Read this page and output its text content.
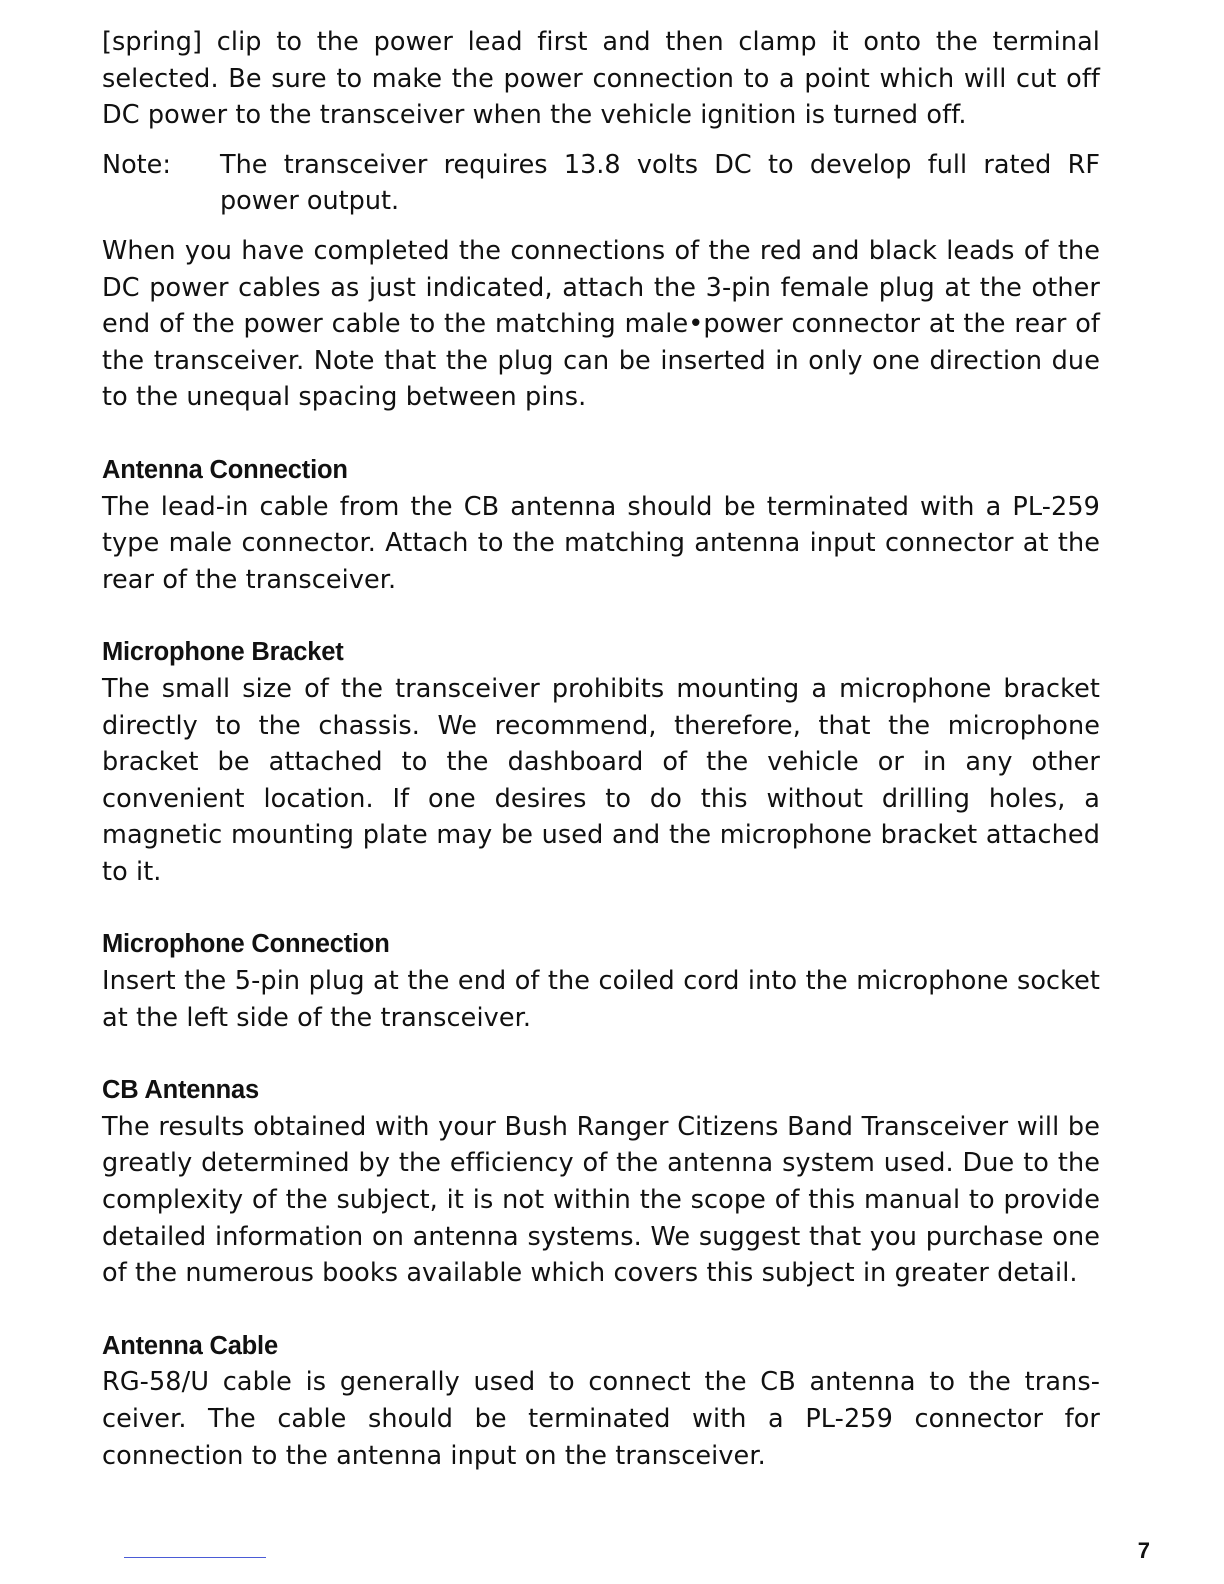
[spring] clip to the power lead first and then clamp it onto the terminal selected. Be sure to make the power connection to a point which will cut off DC power to the transceiver when the vehicle ignition is turned off.

Note:	The transceiver requires 13.8 volts DC to develop full rated RF power output.

When you have completed the connections of the red and black leads of the DC power cables as just indicated, attach the 3-pin female plug at the other end of the power cable to the matching male•power connector at the rear of the transceiver. Note that the plug can be inserted in only one direction due to the unequal spacing between pins.

Antenna Connection

The lead-in cable from the CB antenna should be terminated with a PL-259 type male connector. Attach to the matching antenna input connector at the rear of the transceiver.

Microphone Bracket

The small size of the transceiver prohibits mounting a microphone bracket directly to the chassis. We recommend, therefore, that the microphone bracket be attached to the dashboard of the vehicle or in any other convenient location. If one desires to do this without drilling holes, a magnetic mounting plate may be used and the microphone bracket attached to it.

Microphone Connection

Insert the 5-pin plug at the end of the coiled cord into the microphone socket at the left side of the transceiver.

CB Antennas

The results obtained with your Bush Ranger Citizens Band Transceiver will be greatly determined by the efficiency of the antenna system used. Due to the complexity of the subject, it is not within the scope of this manual to provide detailed information on antenna systems. We suggest that you purchase one of the numerous books available which covers this subject in greater detail.

Antenna Cable

RG-58/U cable is generally used to connect the CB antenna to the trans-ceiver. The cable should be terminated with a PL-259 connector for connection to the antenna input on the transceiver.

7
